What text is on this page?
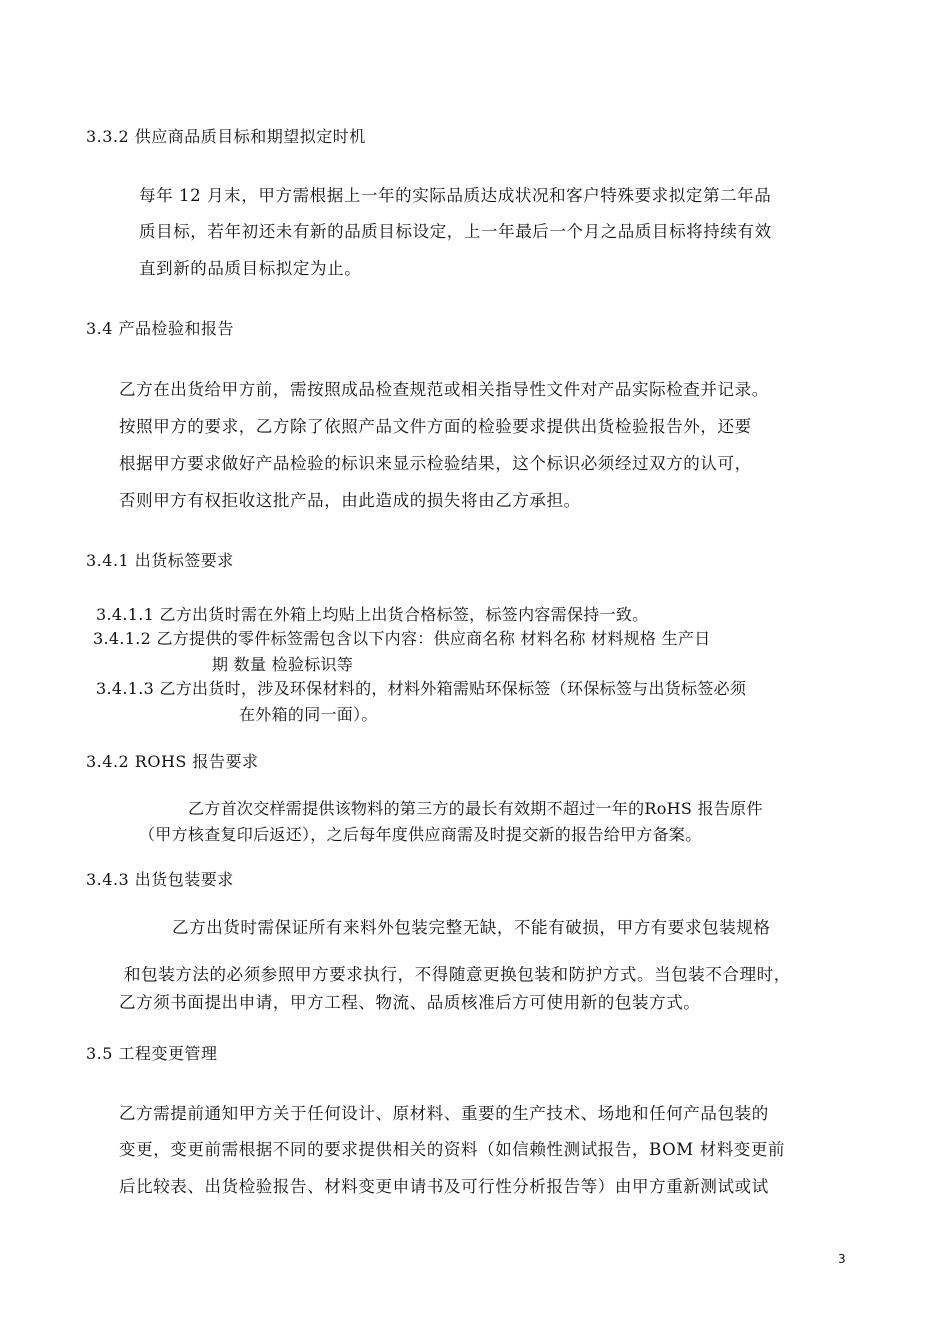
3.3.2 供应商品质目标和期望拟定时机
每年 12 月末，甲方需根据上一年的实际品质达成状况和客户特殊要求拟定第二年品
质目标，若年初还未有新的品质目标设定，上一年最后一个月之品质目标将持续有效
直到新的品质目标拟定为止。
3.4 产品检验和报告
乙方在出货给甲方前，需按照成品检查规范或相关指导性文件对产品实际检查并记录。
按照甲方的要求，乙方除了依照产品文件方面的检验要求提供出货检验报告外，还要
根据甲方要求做好产品检验的标识来显示检验结果，这个标识必须经过双方的认可，
否则甲方有权拒收这批产品，由此造成的损失将由乙方承担。
3.4.1 出货标签要求
3.4.1.1 乙方出货时需在外箱上均贴上出货合格标签，标签内容需保持一致。
3.4.1.2 乙方提供的零件标签需包含以下内容：供应商名称 材料名称 材料规格 生产日
期 数量 检验标识等
3.4.1.3 乙方出货时，涉及环保材料的，材料外箱需贴环保标签（环保标签与出货标签必须
在外箱的同一面）。
3.4.2 ROHS 报告要求
乙方首次交样需提供该物料的第三方的最长有效期不超过一年的RoHS 报告原件
（甲方核查复印后返还），之后每年度供应商需及时提交新的报告给甲方备案。
3.4.3 出货包装要求
乙方出货时需保证所有来料外包装完整无缺，不能有破损，甲方有要求包装规格
和包装方法的必须参照甲方要求执行，不得随意更换包装和防护方式。当包装不合理时，
乙方须书面提出申请，甲方工程、物流、品质核准后方可使用新的包装方式。
3.5 工程变更管理
乙方需提前通知甲方关于任何设计、原材料、重要的生产技术、场地和任何产品包装的
变更，变更前需根据不同的要求提供相关的资料（如信赖性测试报告，BOM 材料变更前
后比较表、出货检验报告、材料变更申请书及可行性分析报告等）由甲方重新测试或试
3
